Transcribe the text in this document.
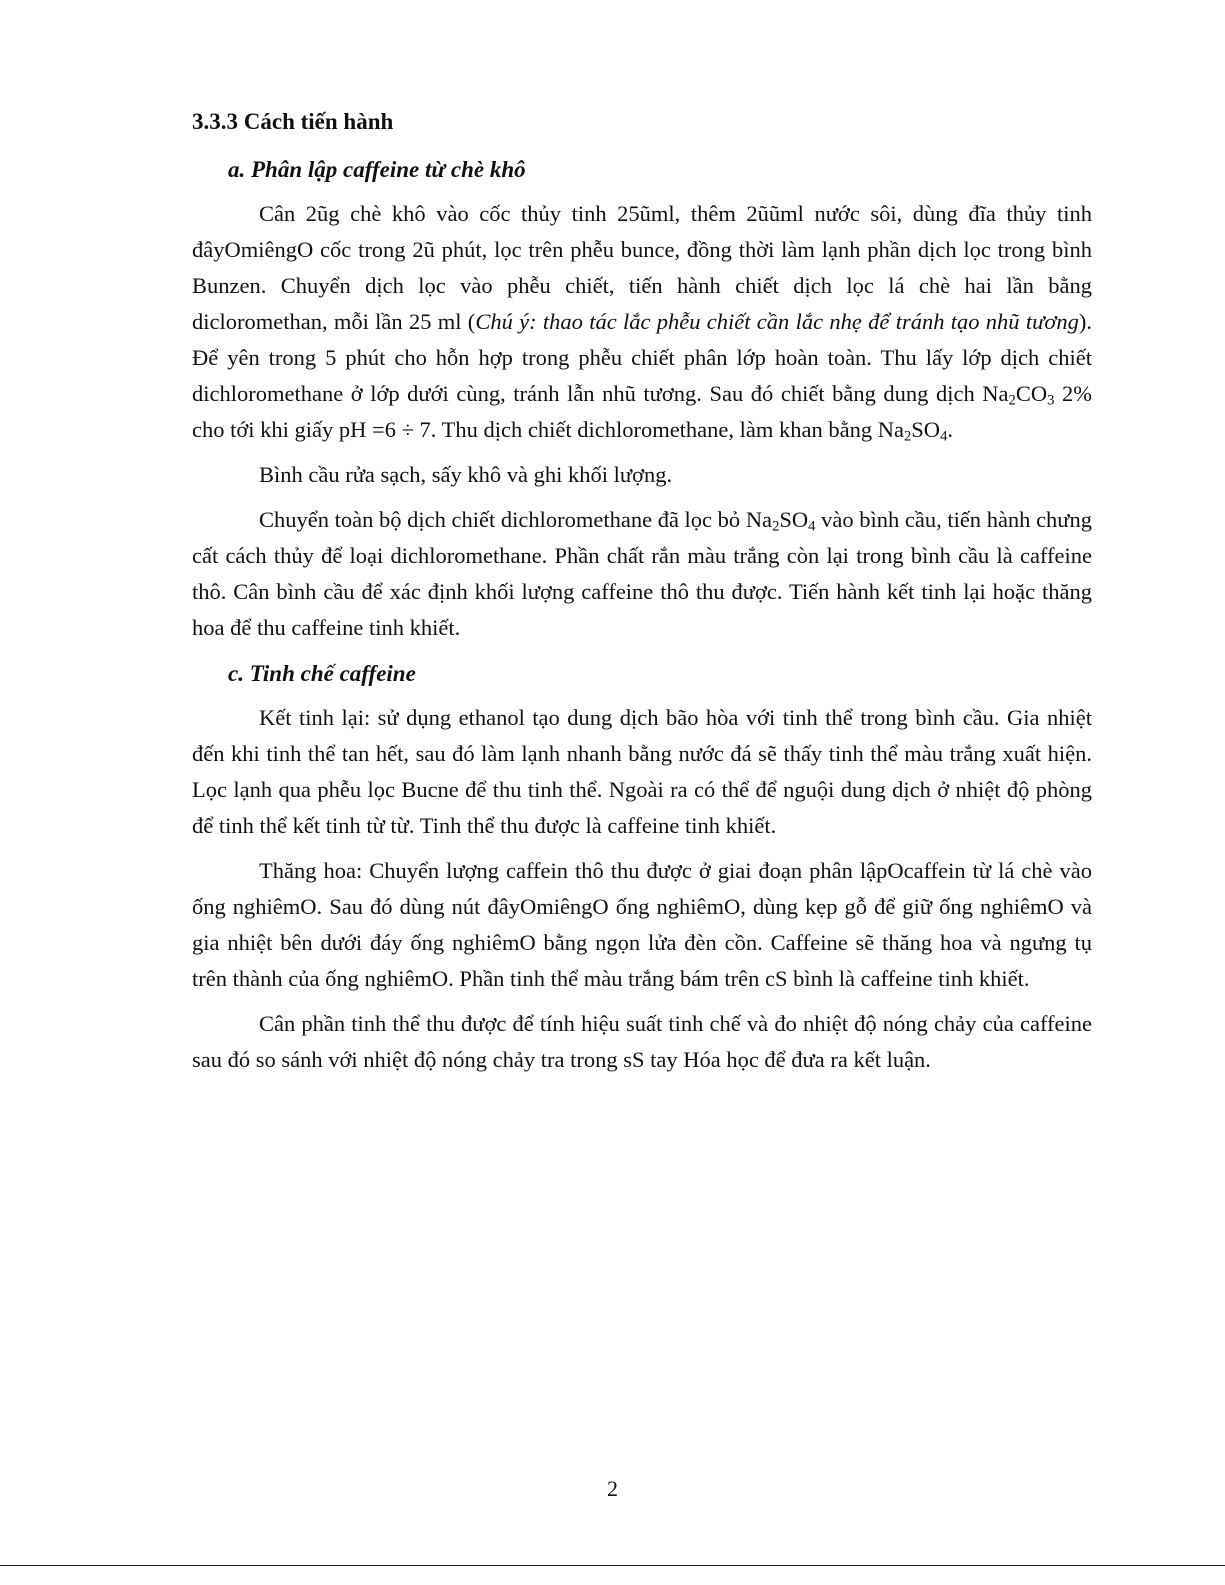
3.3.3 Cách tiến hành
a. Phân lập caffeine từ chè khô

Cân 2ũg chè khô vào cốc thủy tinh 25ũml, thêm 2ũũml nước sôi, dùng đĩa thủy tinh đâyOmiêngO cốc trong 2ũ phút, lọc trên phễu bunce, đồng thời làm lạnh phần dịch lọc trong bình Bunzen. Chuyển dịch lọc vào phễu chiết, tiến hành chiết dịch lọc lá chè hai lần bằng dicloromethan, mỗi lần 25 ml (Chú ý: thao tác lắc phễu chiết cần lắc nhẹ để tránh tạo nhũ tương). Để yên trong 5 phút cho hỗn hợp trong phễu chiết phân lớp hoàn toàn. Thu lấy lớp dịch chiết dichloromethane ở lớp dưới cùng, tránh lẫn nhũ tương. Sau đó chiết bằng dung dịch $Na_2CO_3$ 2% cho tới khi giấy pH =6 ÷ 7. Thu dịch chiết dichloromethane, làm khan bằng $Na_2SO_4$.

Bình cầu rửa sạch, sấy khô và ghi khối lượng.

Chuyển toàn bộ dịch chiết dichloromethane đã lọc bỏ $Na_2SO_4$ vào bình cầu, tiến hành chưng cất cách thủy để loại dichloromethane. Phần chất rắn màu trắng còn lại trong bình cầu là caffeine thô. Cân bình cầu để xác định khối lượng caffeine thô thu được. Tiến hành kết tinh lại hoặc thăng hoa để thu caffeine tinh khiết.

c. Tinh chế caffeine

Kết tinh lại: sử dụng ethanol tạo dung dịch bão hòa với tinh thể trong bình cầu. Gia nhiệt đến khi tinh thể tan hết, sau đó làm lạnh nhanh bằng nước đá sẽ thấy tinh thể màu trắng xuất hiện. Lọc lạnh qua phễu lọc Bucne để thu tinh thể. Ngoài ra có thể để nguội dung dịch ở nhiệt độ phòng để tinh thể kết tinh từ từ. Tinh thể thu được là caffeine tinh khiết.

Thăng hoa: Chuyển lượng caffein thô thu được ở giai đoạn phân lậpOcaffein từ lá chè vào ống nghiêmO. Sau đó dùng nút đâyOmiêngO ống nghiêmO, dùng kẹp gỗ để giữ ống nghiêmO và gia nhiệt bên dưới đáy ống nghiêmO bằng ngọn lửa đèn cồn. Caffeine sẽ thăng hoa và ngưng tụ trên thành của ống nghiêmO. Phần tinh thể màu trắng bám trên cS bình là caffeine tinh khiết.

Cân phần tinh thể thu được để tính hiệu suất tinh chế và đo nhiệt độ nóng chảy của caffeine sau đó so sánh với nhiệt độ nóng chảy tra trong sS tay Hóa học để đưa ra kết luận.

2
